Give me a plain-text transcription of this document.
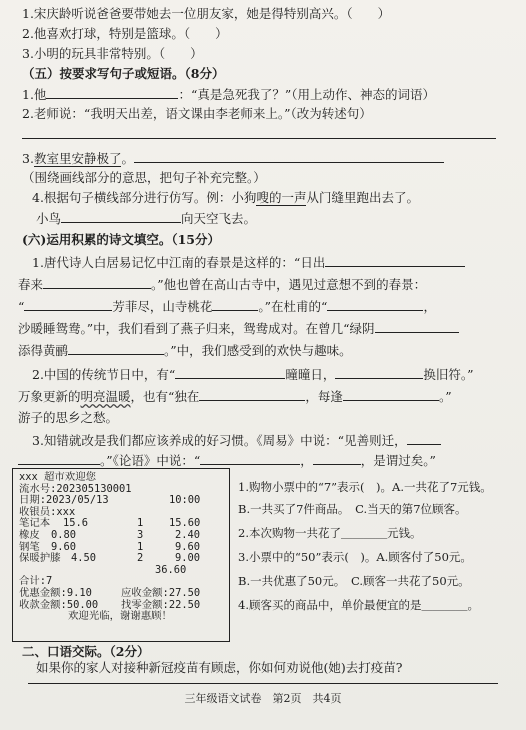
1.宋庆龄听说爸爸要带她去一位朋友家，她是得特别高兴。（　　）
2.他喜欢打球，特别是篮球。（　　）
3.小明的玩具非常特别。（　　）
（五）按要求写句子或短语。（8分）
1.他	：“真是急死我了？”（用上动作、神态的词语）
2.老师说：“我明天出差，语文课由李老师来上。”（改为转述句）
3.教室里安静极了。
（围绕画线部分的意思，把句子补充完整。）
4.根据句子横线部分进行仿写。例：小狗嗖的一声从门缝里跑出去了。
小鸟	向天空飞去。
(六)运用积累的诗文填空。（15分）
1.唐代诗人白居易记忆中江南的春景是这样的：“日出
春来	。”他也曾在高山古寺中，遇见过意想不到的春景：
“	芳菲尽，山寺桃花	。”在杜甫的“	，
沙暖睡鸳鸯。”中，我们看到了燕子归来，鸳鸯成对。在曾几“绿阴
添得黄鹂	。”中，我们感受到的欢快与趣味。
2.中国的传统节日中，有“	曈曈日，	换旧符。”
万象更新的明亮温暖，也有“独在	，每逢	。”
游子的思乡之愁。
3.知错就改是我们都应该养成的好习惯。《周易》中说：“见善则迁，
。”《论语》中说：“	，	，是谓过矣。”
xxx 超市欢迎您
流水号:202305130001
日期:2023/05/13	10:00
收银员:xxx
笔记本 15.6	1 15.60
橡皮 0.80	3	2.40
钢笔 9.60	1	9.60
保暖护膝 4.50	2	9.00
36.60
合计:7
优惠金额:9.10	应收金额:27.50
收款金额:50.00 找零金额:22.50
欢迎光临，谢谢惠顾！
1.购物小票中的“7”表示(　)。A.一共花了7元钱。
B.一共买了7件商品。　C.当天的第7位顾客。
2.本次购物一共花了＿＿＿＿元钱。
3.小票中的“50”表示(　)。A.顾客付了50元。
B.一共优惠了50元。　C.顾客一共花了50元。
4.顾客买的商品中，单价最便宜的是＿＿＿＿。
二、口语交际。（2分）
如果你的家人对接种新冠疫苗有顾虑，你如何劝说他(她)去打疫苗?
三年级语文试卷　第2页　共4页
